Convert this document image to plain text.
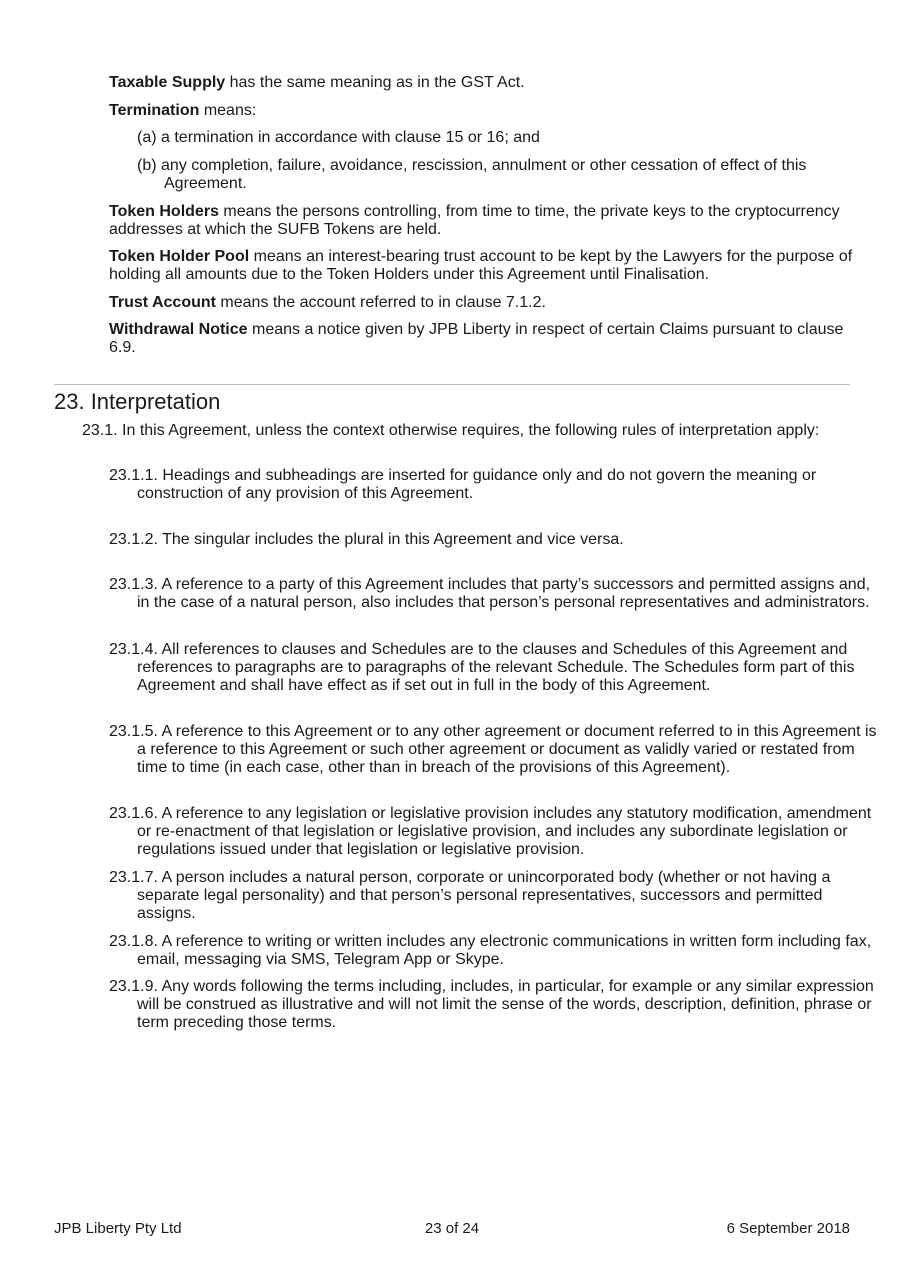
Taxable Supply has the same meaning as in the GST Act.

Termination means:

(a) a termination in accordance with clause 15 or 16; and

(b) any completion, failure, avoidance, rescission, annulment or other cessation of effect of this Agreement.

Token Holders means the persons controlling, from time to time, the private keys to the cryptocurrency addresses at which the SUFB Tokens are held.

Token Holder Pool means an interest-bearing trust account to be kept by the Lawyers for the purpose of holding all amounts due to the Token Holders under this Agreement until Finalisation.

Trust Account means the account referred to in clause 7.1.2.

Withdrawal Notice means a notice given by JPB Liberty in respect of certain Claims pursuant to clause 6.9.

23. Interpretation

23.1. In this Agreement, unless the context otherwise requires, the following rules of interpretation apply:

23.1.1. Headings and subheadings are inserted for guidance only and do not govern the meaning or construction of any provision of this Agreement.

23.1.2. The singular includes the plural in this Agreement and vice versa.

23.1.3. A reference to a party of this Agreement includes that party’s successors and permitted assigns and, in the case of a natural person, also includes that person’s personal representatives and administrators.

23.1.4. All references to clauses and Schedules are to the clauses and Schedules of this Agreement and references to paragraphs are to paragraphs of the relevant Schedule. The Schedules form part of this Agreement and shall have effect as if set out in full in the body of this Agreement.

23.1.5. A reference to this Agreement or to any other agreement or document referred to in this Agreement is a reference to this Agreement or such other agreement or document as validly varied or restated from time to time (in each case, other than in breach of the provisions of this Agreement).

23.1.6. A reference to any legislation or legislative provision includes any statutory modification, amendment or re-enactment of that legislation or legislative provision, and includes any subordinate legislation or regulations issued under that legislation or legislative provision.

23.1.7. A person includes a natural person, corporate or unincorporated body (whether or not having a separate legal personality) and that person’s personal representatives, successors and permitted assigns.

23.1.8. A reference to writing or written includes any electronic communications in written form including fax, email, messaging via SMS, Telegram App or Skype.

23.1.9. Any words following the terms including, includes, in particular, for example or any similar expression will be construed as illustrative and will not limit the sense of the words, description, definition, phrase or term preceding those terms.

JPB Liberty Pty Ltd	23 of 24	6 September 2018
